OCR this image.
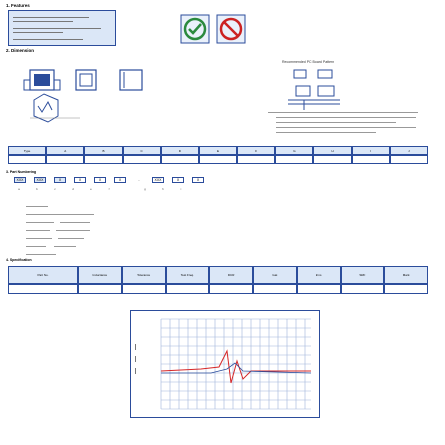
1. Features
2. Dimension
Recommended PC Board Pattern
Type	A	B	C	D	E	F	G	H	I	J
3. Part Numbering
XXX	XXX	X	X	X	X	-	XXX	X	X
a	b	c	d	e	f	g	h	i
4. Specification
Part No.	Inductance	Tolerance	Test Freq.	DCR	Isat	Irms	SRF	Mark
